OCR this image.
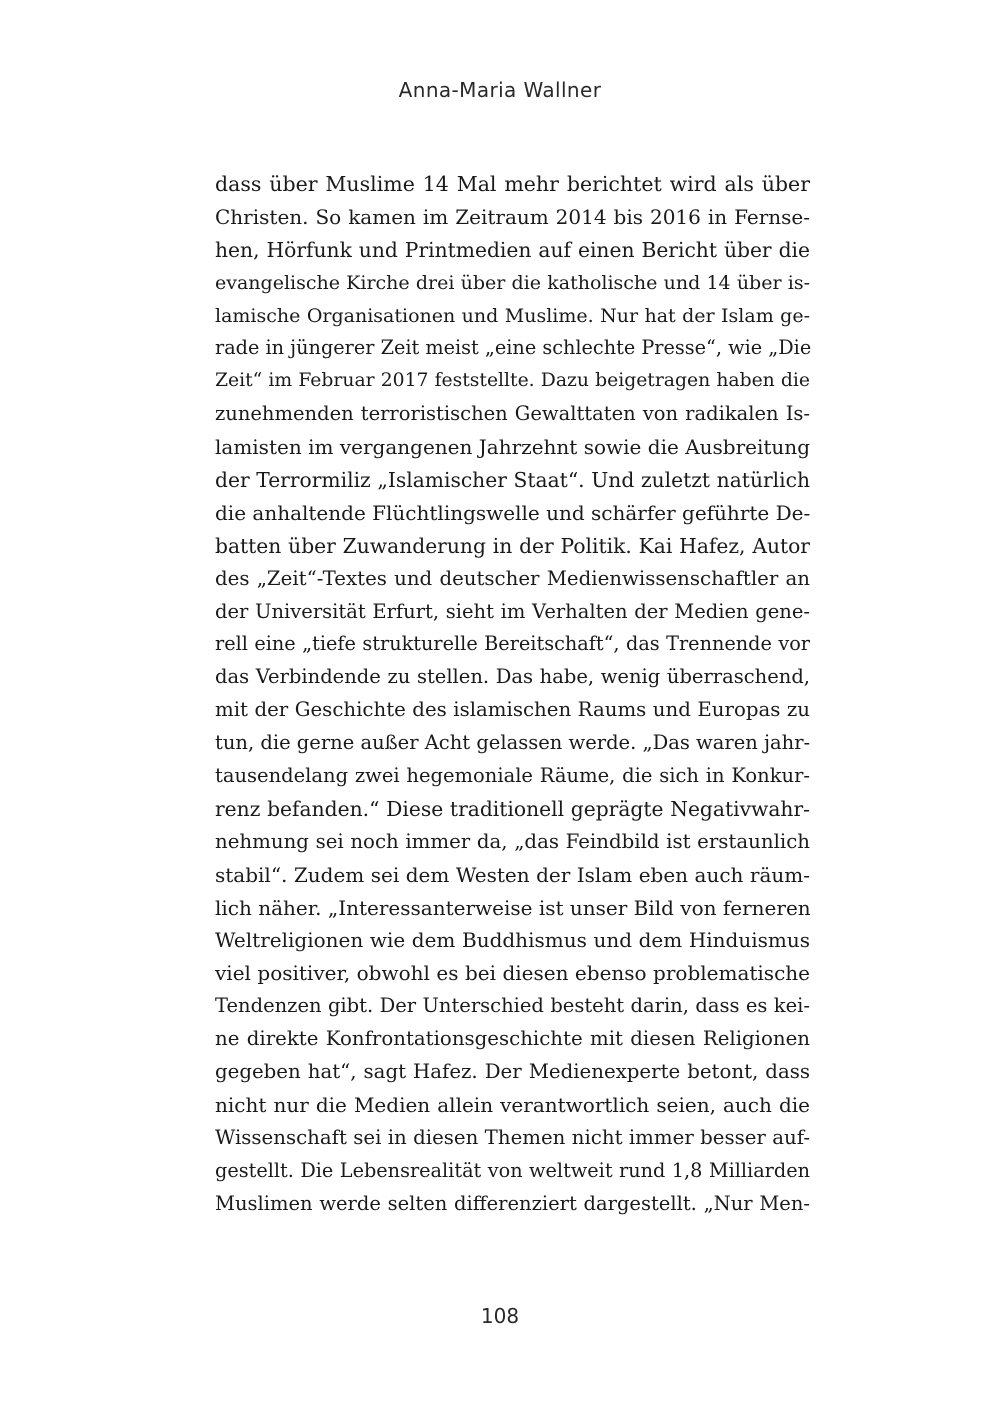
Anna-Maria Wallner
dass über Muslime 14 Mal mehr berichtet wird als über
Christen. So kamen im Zeitraum 2014 bis 2016 in Fernse-
hen, Hörfunk und Printmedien auf einen Bericht über die
evangelische Kirche drei über die katholische und 14 über is-
lamische Organisationen und Muslime. Nur hat der Islam ge-
rade in jüngerer Zeit meist „eine schlechte Presse“, wie „Die
Zeit“ im Februar 2017 feststellte. Dazu beigetragen haben die
zunehmenden terroristischen Gewalttaten von radikalen Is-
lamisten im vergangenen Jahrzehnt sowie die Ausbreitung
der Terrormiliz „Islamischer Staat“. Und zuletzt natürlich
die anhaltende Flüchtlingswelle und schärfer geführte De-
batten über Zuwanderung in der Politik. Kai Hafez, Autor
des „Zeit“-Textes und deutscher Medienwissenschaftler an
der Universität Erfurt, sieht im Verhalten der Medien gene-
rell eine „tiefe strukturelle Bereitschaft“, das Trennende vor
das Verbindende zu stellen. Das habe, wenig überraschend,
mit der Geschichte des islamischen Raums und Europas zu
tun, die gerne außer Acht gelassen werde. „Das waren jahr-
tausendelang zwei hegemoniale Räume, die sich in Konkur-
renz befanden.“ Diese traditionell geprägte Negativwahr-
nehmung sei noch immer da, „das Feindbild ist erstaunlich
stabil“. Zudem sei dem Westen der Islam eben auch räum-
lich näher. „Interessanterweise ist unser Bild von ferneren
Weltreligionen wie dem Buddhismus und dem Hinduismus
viel positiver, obwohl es bei diesen ebenso problematische
Tendenzen gibt. Der Unterschied besteht darin, dass es kei-
ne direkte Konfrontationsgeschichte mit diesen Religionen
gegeben hat“, sagt Hafez. Der Medienexperte betont, dass
nicht nur die Medien allein verantwortlich seien, auch die
Wissenschaft sei in diesen Themen nicht immer besser auf-
gestellt. Die Lebensrealität von weltweit rund 1,8 Milliarden
Muslimen werde selten differenziert dargestellt. „Nur Men-
108
